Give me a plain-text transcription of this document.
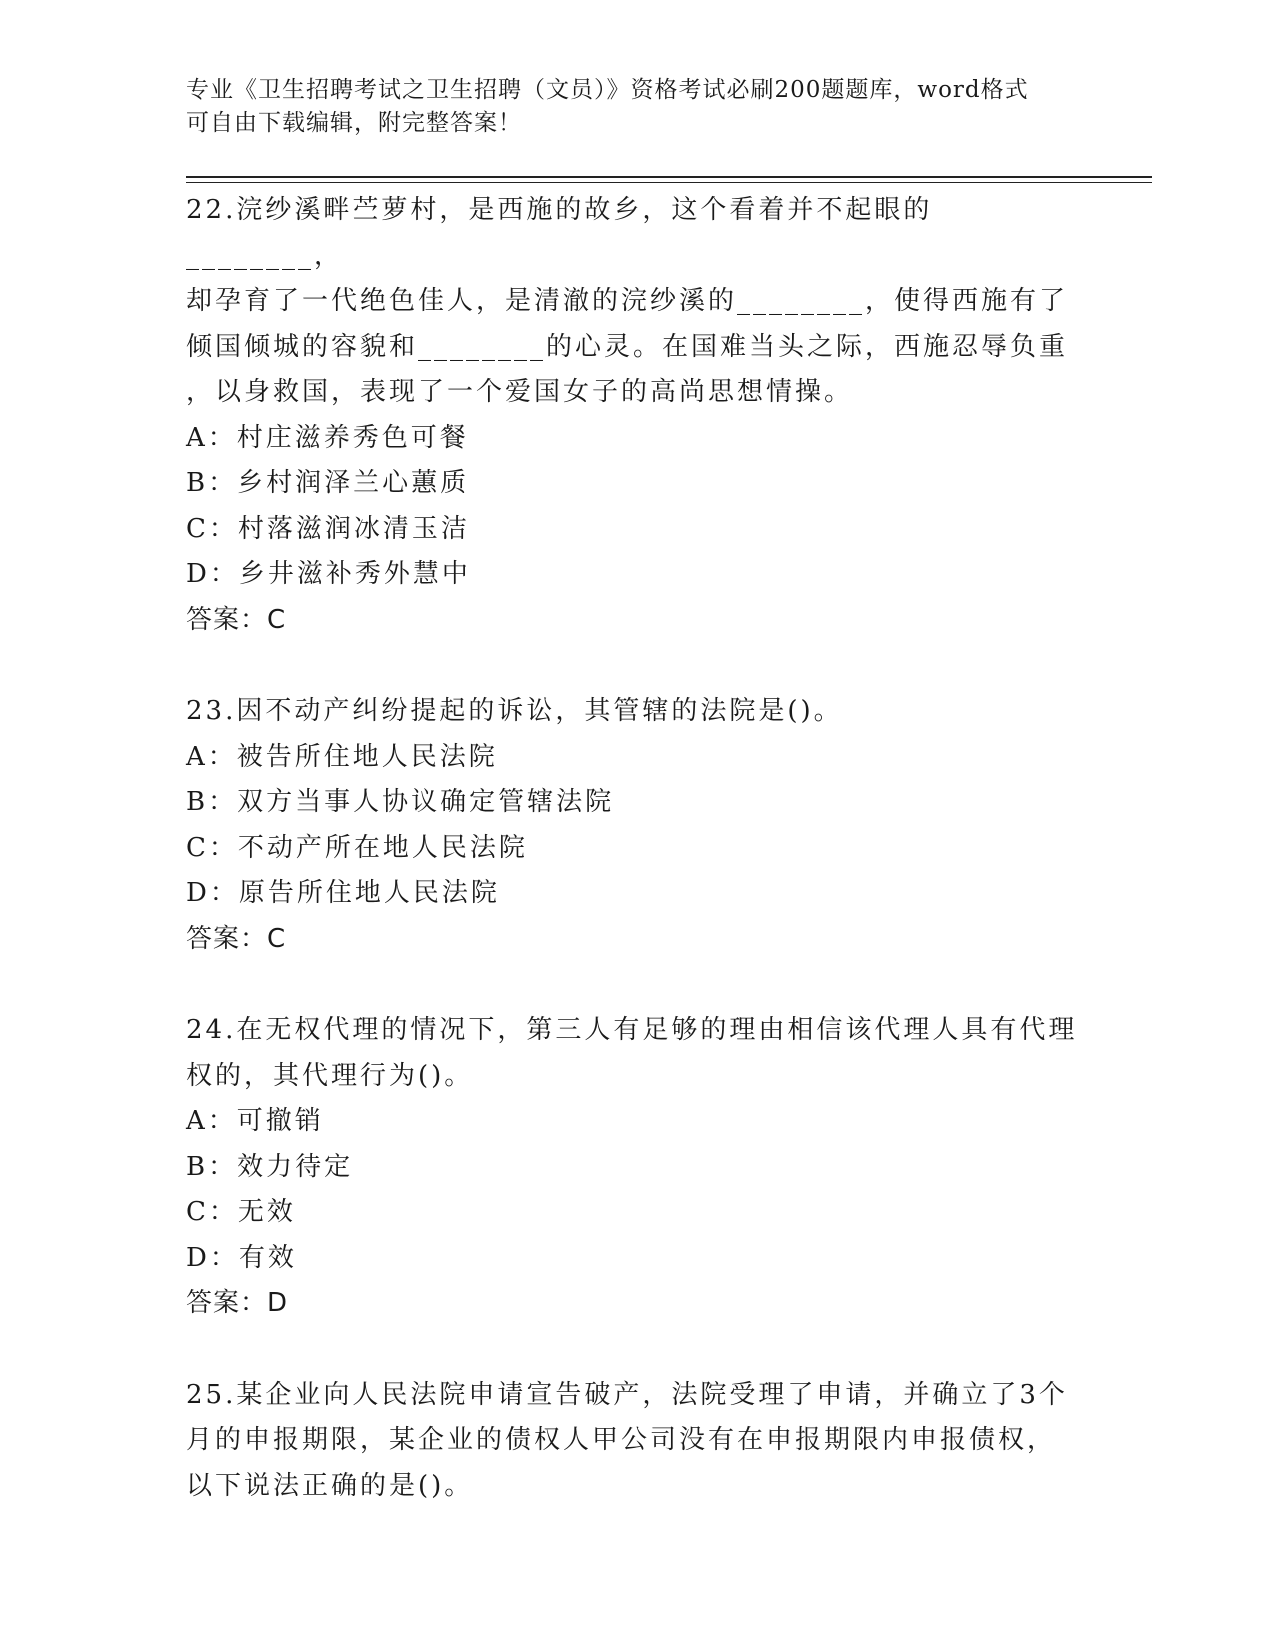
专业《卫生招聘考试之卫生招聘（文员）》资格考试必刷200题题库，word格式
可自由下载编辑，附完整答案！

22.浣纱溪畔苎萝村，是西施的故乡，这个看着并不起眼的________，

却孕育了一代绝色佳人，是清澈的浣纱溪的________，使得西施有了

倾国倾城的容貌和________的心灵。在国难当头之际，西施忍辱负重

，以身救国，表现了一个爱国女子的高尚思想情操。

A：村庄滋养秀色可餐

B：乡村润泽兰心蕙质

C：村落滋润冰清玉洁

D：乡井滋补秀外慧中

答案：C

23.因不动产纠纷提起的诉讼，其管辖的法院是()。

A：被告所住地人民法院

B：双方当事人协议确定管辖法院

C：不动产所在地人民法院

D：原告所住地人民法院

答案：C

24.在无权代理的情况下，第三人有足够的理由相信该代理人具有代理

权的，其代理行为()。

A：可撤销

B：效力待定

C：无效

D：有效

答案：D

25.某企业向人民法院申请宣告破产，法院受理了申请，并确立了3个

月的申报期限，某企业的债权人甲公司没有在申报期限内申报债权，

以下说法正确的是()。
